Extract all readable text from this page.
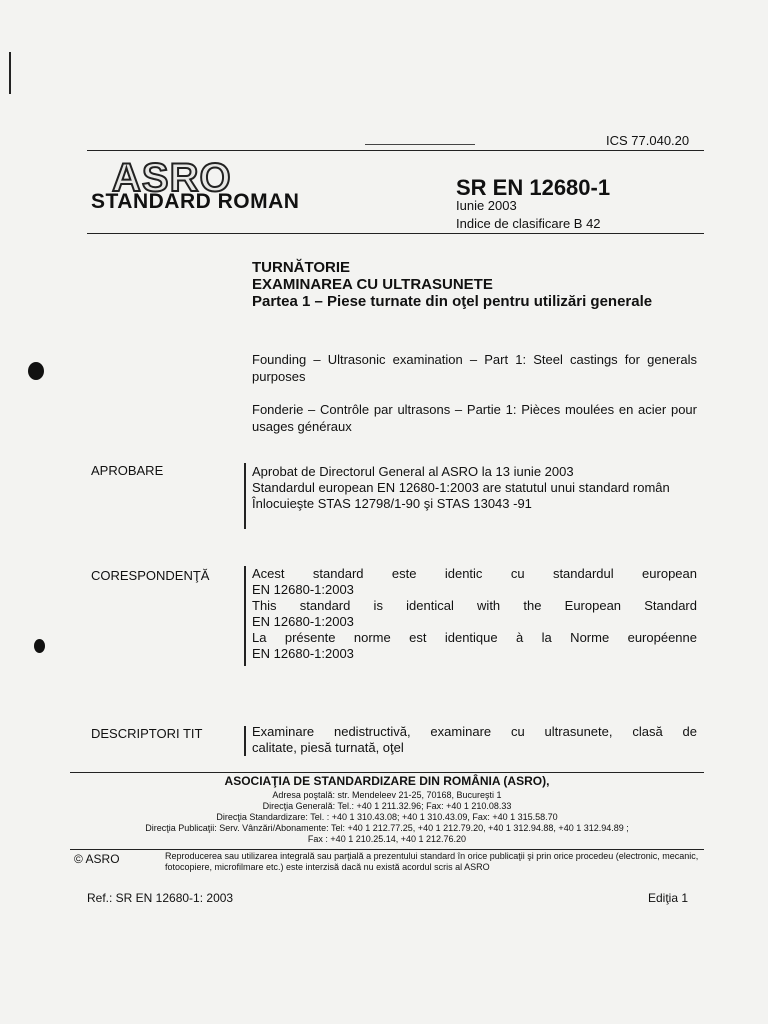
ICS 77.040.20
ASRO
STANDARD ROMAN
SR EN 12680-1
Iunie 2003
Indice de clasificare B 42
TURNĂTORIE
EXAMINAREA CU ULTRASUNETE
Partea 1 – Piese turnate din oţel pentru utilizări generale
Founding – Ultrasonic examination – Part 1: Steel castings for generals purposes
Fonderie – Contrôle par ultrasons – Partie 1: Pièces moulées en acier pour usages généraux
APROBARE	Aprobat de Directorul General al ASRO la 13 iunie 2003
Standardul european EN 12680-1:2003 are statutul unui standard român
Înlocuieşte STAS 12798/1-90 şi STAS 13043 -91
CORESPONDENŢĂ	Acest standard este identic cu standardul european
EN 12680-1:2003
This standard is identical with the European Standard
EN 12680-1:2003
La présente norme est identique à la Norme européenne
EN 12680-1:2003
DESCRIPTORI TIT	Examinare nedistructivă, examinare cu ultrasunete, clasă de
calitate, piesă turnată, oţel
ASOCIAŢIA DE STANDARDIZARE DIN ROMÂNIA (ASRO),
Adresa poştală: str. Mendeleev 21-25, 70168, Bucureşti 1
Direcţia Generală: Tel.: +40 1 211.32.96; Fax: +40 1 210.08.33
Direcţia Standardizare: Tel. : +40 1 310.43.08; +40 1 310.43.09, Fax: +40 1 315.58.70
Direcţia Publicaţii: Serv. Vânzări/Abonamente: Tel: +40 1 212.77.25, +40 1 212.79.20, +40 1 312.94.88, +40 1 312.94.89 ;
Fax : +40 1 210.25.14, +40 1 212.76.20
© ASRO	Reproducerea sau utilizarea integrală sau parţială a prezentului standard în orice publicaţii şi prin orice procedeu (electronic, mecanic, fotocopiere, microfilmare etc.) este interzisă dacă nu există acordul scris al ASRO
Ref.: SR EN 12680-1: 2003	Ediţia 1
